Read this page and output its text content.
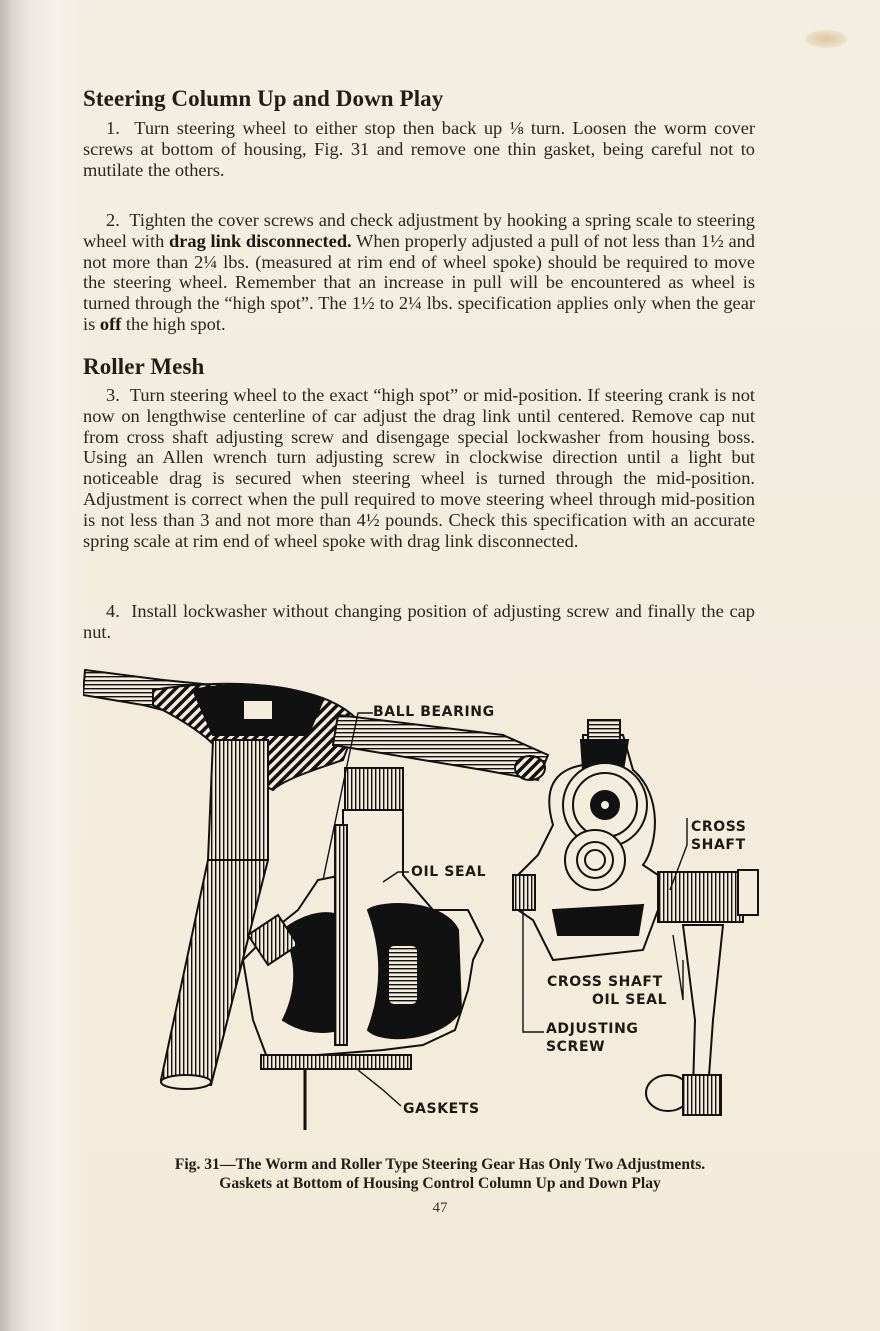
Steering Column Up and Down Play

1. Turn steering wheel to either stop then back up ⅛ turn. Loosen the worm cover screws at bottom of housing, Fig. 31 and remove one thin gasket, being careful not to mutilate the others.

2. Tighten the cover screws and check adjustment by hooking a spring scale to steering wheel with drag link disconnected. When properly adjusted a pull of not less than 1½ and not more than 2¼ lbs. (measured at rim end of wheel spoke) should be required to move the steering wheel. Remember that an increase in pull will be encountered as wheel is turned through the “high spot”. The 1½ to 2¼ lbs. specification applies only when the gear is off the high spot.

Roller Mesh

3. Turn steering wheel to the exact “high spot” or mid-position. If steering crank is not now on lengthwise centerline of car adjust the drag link until centered. Remove cap nut from cross shaft adjusting screw and disengage special lockwasher from housing boss. Using an Allen wrench turn adjusting screw in clockwise direction until a light but noticeable drag is secured when steering wheel is turned through the mid-position. Adjustment is correct when the pull required to move steering wheel through mid-position is not less than 3 and not more than 4½ pounds. Check this specification with an accurate spring scale at rim end of wheel spoke with drag link disconnected.

4. Install lockwasher without changing position of adjusting screw and finally the cap nut.

BALL BEARING
OIL SEAL
GASKETS
CROSS
SHAFT
CROSS SHAFT
OIL SEAL
ADJUSTING
SCREW
Fig. 31—The Worm and Roller Type Steering Gear Has Only Two Adjustments.
Gaskets at Bottom of Housing Control Column Up and Down Play
47
